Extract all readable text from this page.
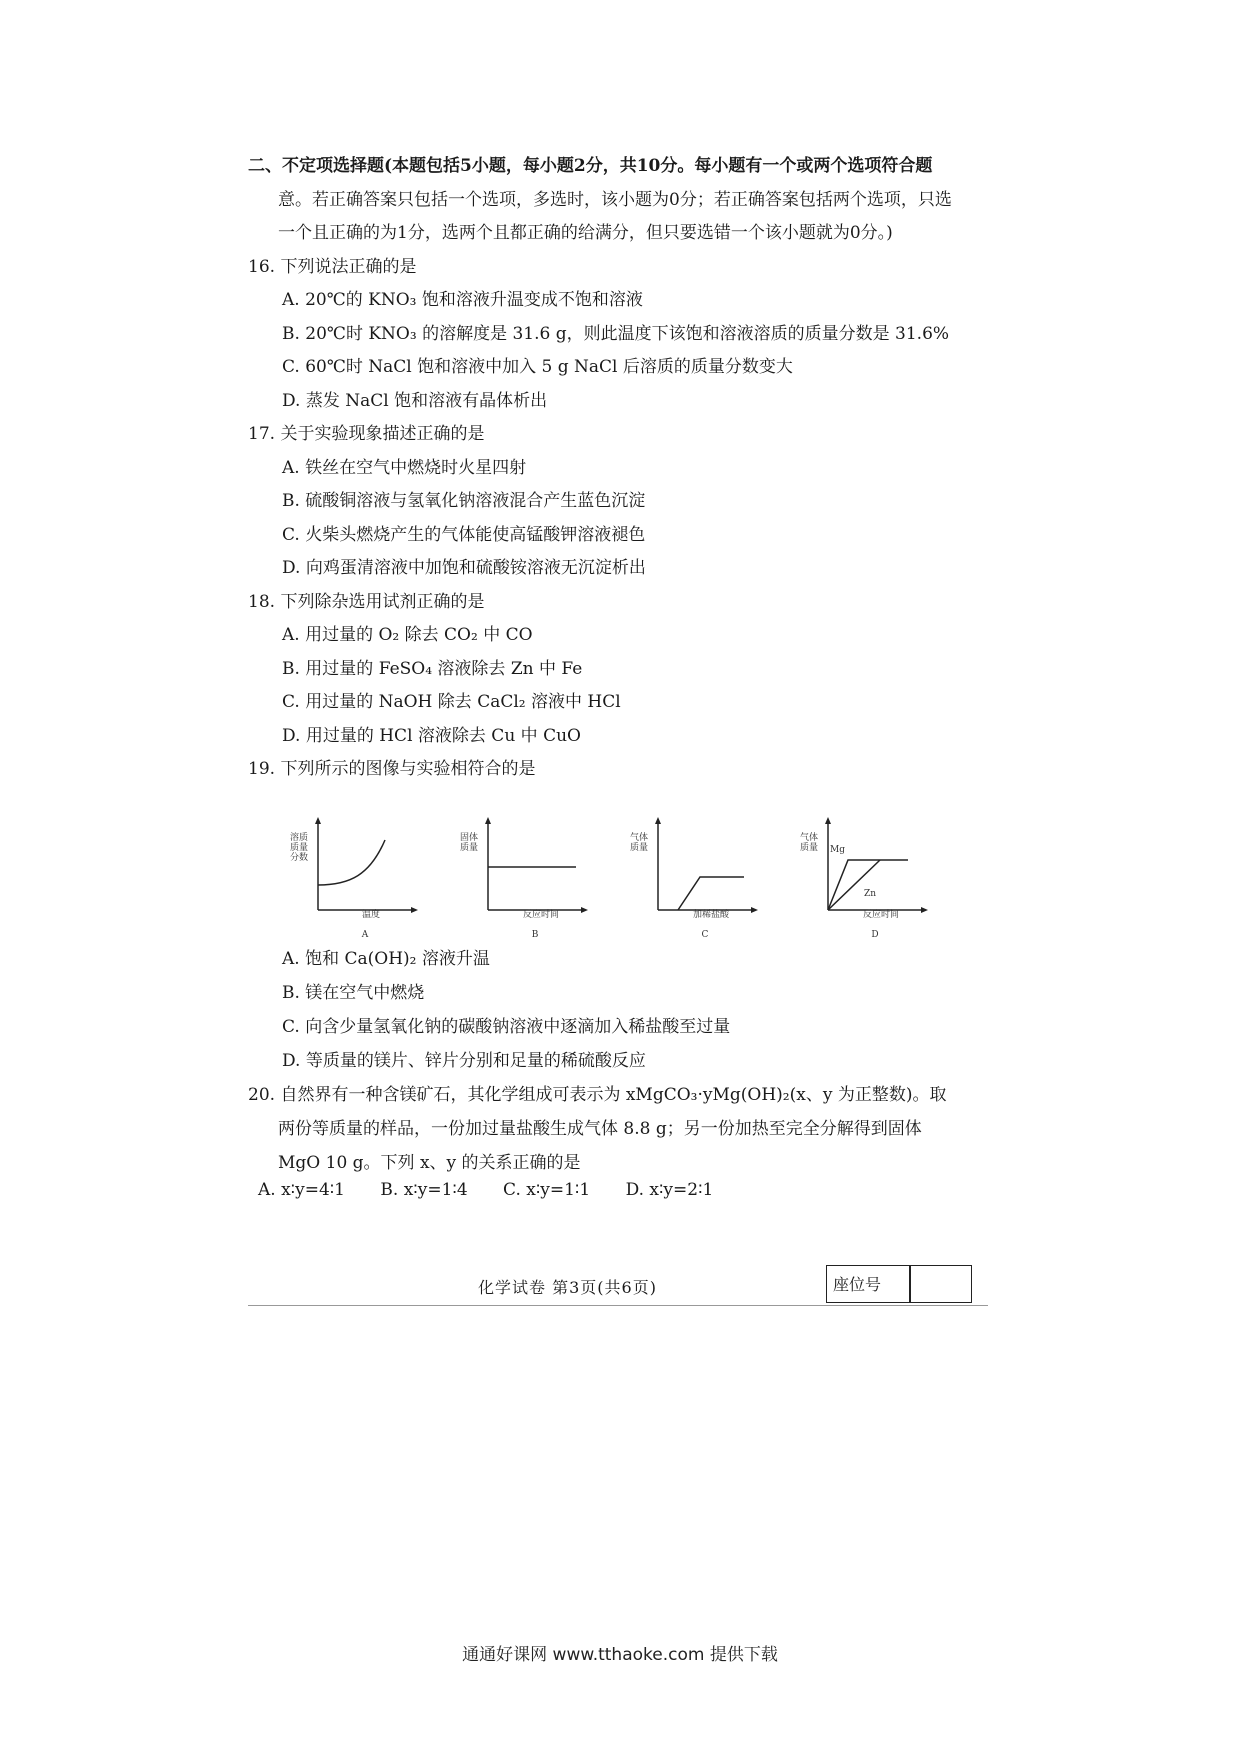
二、不定项选择题(本题包括5小题，每小题2分，共10分。每小题有一个或两个选项符合题
意。若正确答案只包括一个选项，多选时，该小题为0分；若正确答案包括两个选项，只选
一个且正确的为1分，选两个且都正确的给满分，但只要选错一个该小题就为0分。)
16. 下列说法正确的是
A. 20℃的 KNO₃ 饱和溶液升温变成不饱和溶液
B. 20℃时 KNO₃ 的溶解度是 31.6 g，则此温度下该饱和溶液溶质的质量分数是 31.6%
C. 60℃时 NaCl 饱和溶液中加入 5 g NaCl 后溶质的质量分数变大
D. 蒸发 NaCl 饱和溶液有晶体析出
17. 关于实验现象描述正确的是
A. 铁丝在空气中燃烧时火星四射
B. 硫酸铜溶液与氢氧化钠溶液混合产生蓝色沉淀
C. 火柴头燃烧产生的气体能使高锰酸钾溶液褪色
D. 向鸡蛋清溶液中加饱和硫酸铵溶液无沉淀析出
18. 下列除杂选用试剂正确的是
A. 用过量的 O₂ 除去 CO₂ 中 CO
B. 用过量的 FeSO₄ 溶液除去 Zn 中 Fe
C. 用过量的 NaOH 除去 CaCl₂ 溶液中 HCl
D. 用过量的 HCl 溶液除去 Cu 中 CuO
19. 下列所示的图像与实验相符合的是
溶质质量分数
温度
A
固体质量
反应时间
B
气体质量
加稀盐酸
C
气体质量 Mg
Zn
反应时间
D
A. 饱和 Ca(OH)₂ 溶液升温
B. 镁在空气中燃烧
C. 向含少量氢氧化钠的碳酸钠溶液中逐滴加入稀盐酸至过量
D. 等质量的镁片、锌片分别和足量的稀硫酸反应
20. 自然界有一种含镁矿石，其化学组成可表示为 xMgCO₃·yMg(OH)₂(x、y 为正整数)。取
两份等质量的样品，一份加过量盐酸生成气体 8.8 g；另一份加热至完全分解得到固体
MgO 10 g。下列 x、y 的关系正确的是
A. x∶y=4∶1 B. x∶y=1∶4 C. x∶y=1∶1 D. x∶y=2∶1
化学试卷 第3页(共6页)	座位号
通通好课网 www.tthaoke.com 提供下载
